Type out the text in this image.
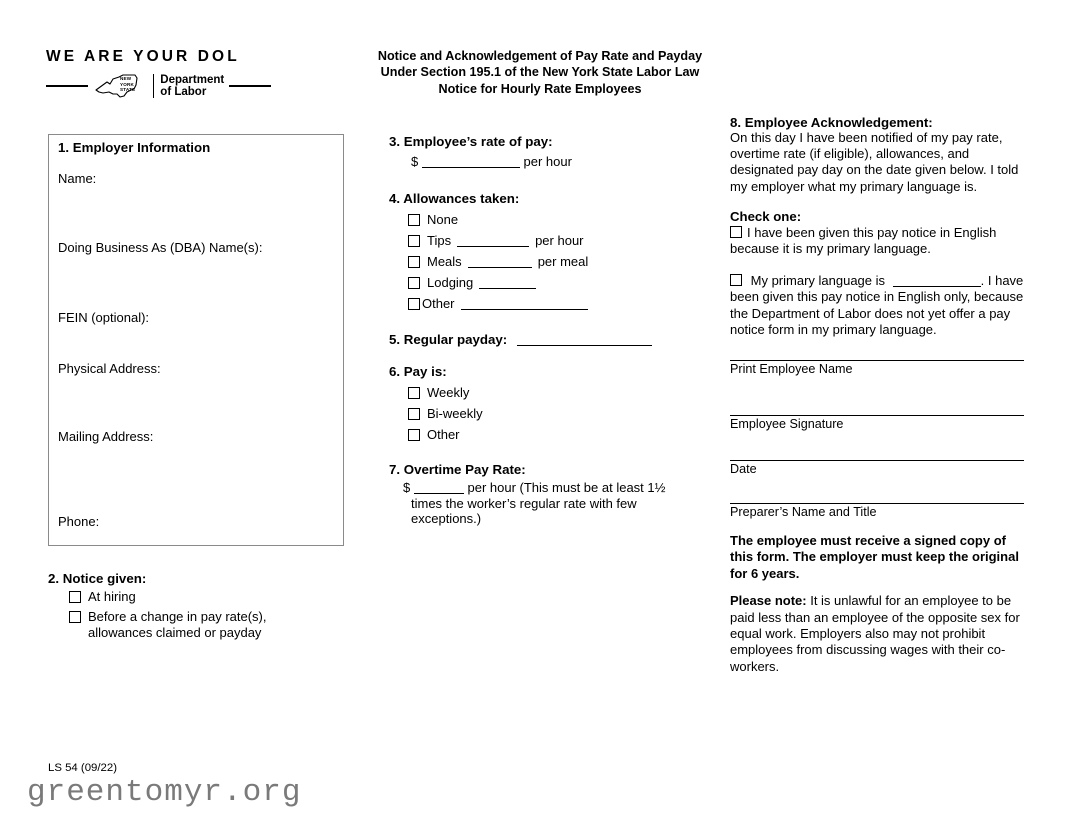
WE ARE YOUR DOL
NEW
YORK
STATE
Department
of Labor
Notice and Acknowledgement of Pay Rate and Payday
Under Section 195.1 of the New York State Labor Law
Notice for Hourly Rate Employees
1. Employer Information
Name:
Doing Business As (DBA) Name(s):
FEIN (optional):
Physical Address:
Mailing Address:
Phone:
2. Notice given:
At hiring
Before a change in pay rate(s), allowances claimed or payday
3. Employee’s rate of pay:
$	per hour
4. Allowances taken:
None
Tips	per hour
Meals	per meal
Lodging
Other
5. Regular payday:
6. Pay is:
Weekly
Bi-weekly
Other
7. Overtime Pay Rate:
$	per hour (This must be at least 1½ times the worker’s regular rate with few exceptions.)
8. Employee Acknowledgement:
On this day I have been notified of my pay rate, overtime rate (if eligible), allowances, and designated pay day on the date given below. I told my employer what my primary language is.
Check one:
I have been given this pay notice in English because it is my primary language.
My primary language is	. I have been given this pay notice in English only, because the Department of Labor does not yet offer a pay notice form in my primary language.
Print Employee Name
Employee Signature
Date
Preparer’s Name and Title
The employee must receive a signed copy of this form. The employer must keep the original for 6 years.
Please note: It is unlawful for an employee to be paid less than an employee of the opposite sex for equal work. Employers also may not prohibit employees from discussing wages with their co-workers.
LS 54 (09/22)
greentomyr.org
